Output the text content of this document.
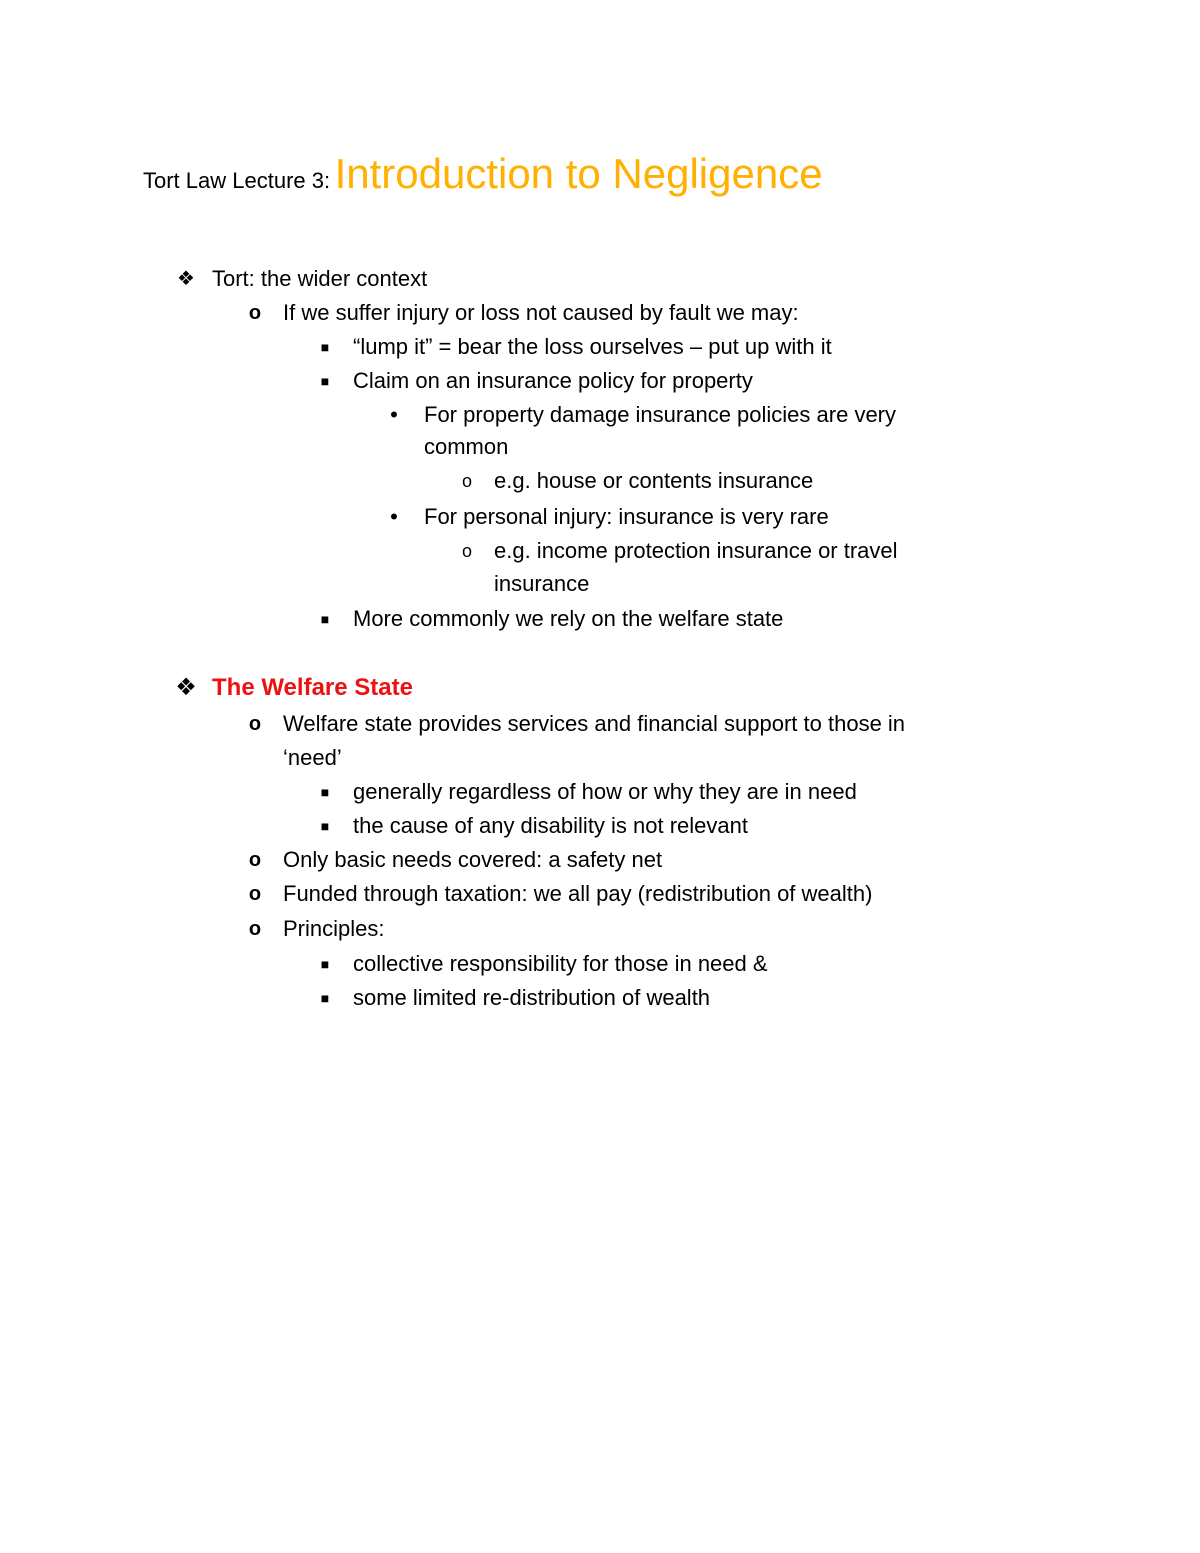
Tort Law Lecture 3: Introduction to Negligence
❖ Tort: the wider context
o If we suffer injury or loss not caused by fault we may:
■ “lump it” = bear the loss ourselves – put up with it
■ Claim on an insurance policy for property
• For property damage insurance policies are very
common
o e.g. house or contents insurance
• For personal injury: insurance is very rare
o e.g. income protection insurance or travel
insurance
■ More commonly we rely on the welfare state
❖ The Welfare State
o Welfare state provides services and financial support to those in
‘need’
■ generally regardless of how or why they are in need
■ the cause of any disability is not relevant
o Only basic needs covered: a safety net
o Funded through taxation: we all pay (redistribution of wealth)
o Principles:
■ collective responsibility for those in need &
■ some limited re-distribution of wealth
